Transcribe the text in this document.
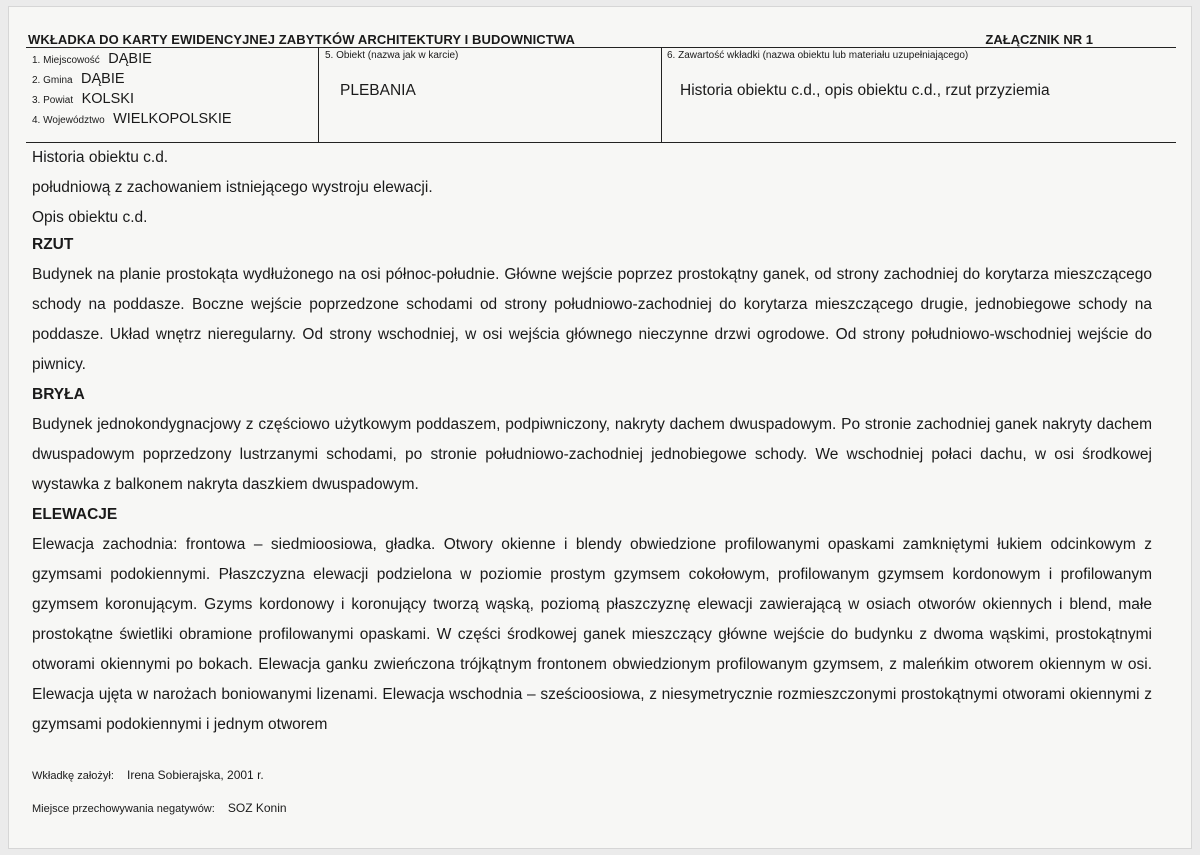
WKŁADKA DO KARTY EWIDENCYJNEJ ZABYTKÓW ARCHITEKTURY I BUDOWNICTWA	ZAŁĄCZNIK NR 1
1. Miejscowość DĄBIE
2. Gmina DĄBIE
3. Powiat KOLSKI
4. Województwo WIELKOPOLSKIE
5. Obiekt (nazwa jak w karcie)
PLEBANIA
6. Zawartość wkładki (nazwa obiektu lub materiału uzupełniającego)
Historia obiektu c.d., opis obiektu c.d., rzut przyziemia
Historia obiektu c.d.
południową z zachowaniem istniejącego wystroju elewacji.
Opis obiektu c.d.
RZUT

Budynek na planie prostokąta wydłużonego na osi północ-południe. Główne wejście poprzez prostokątny ganek, od strony zachodniej do korytarza mieszczącego schody na poddasze. Boczne wejście poprzedzone schodami od strony południowo-zachodniej do korytarza mieszczącego drugie, jednobiegowe schody na poddasze. Układ wnętrz nieregularny. Od strony wschodniej, w osi wejścia głównego nieczynne drzwi ogrodowe. Od strony południowo-wschodniej wejście do piwnicy.

BRYŁA

Budynek jednokondygnacjowy z częściowo użytkowym poddaszem, podpiwniczony, nakryty dachem dwuspadowym. Po stronie zachodniej ganek nakryty dachem dwuspadowym poprzedzony lustrzanymi schodami, po stronie południowo-zachodniej jednobiegowe schody. We wschodniej połaci dachu, w osi środkowej wystawka z balkonem nakryta daszkiem dwuspadowym.

ELEWACJE

Elewacja zachodnia: frontowa – siedmioosiowa, gładka. Otwory okienne i blendy obwiedzione profilowanymi opaskami zamkniętymi łukiem odcinkowym z gzymsami podokiennymi. Płaszczyzna elewacji podzielona w poziomie prostym gzymsem cokołowym, profilowanym gzymsem kordonowym i profilowanym gzymsem koronującym. Gzyms kordonowy i koronujący tworzą wąską, poziomą płaszczyznę elewacji zawierającą w osiach otworów okiennych i blend, małe prostokątne świetliki obramione profilowanymi opaskami. W części środkowej ganek mieszczący główne wejście do budynku z dwoma wąskimi, prostokątnymi otworami okiennymi po bokach. Elewacja ganku zwieńczona trójkątnym frontonem obwiedzionym profilowanym gzymsem, z maleńkim otworem okiennym w osi. Elewacja ujęta w narożach boniowanymi lizenami. Elewacja wschodnia – sześcioosiowa, z niesymetrycznie rozmieszczonymi prostokątnymi otworami okiennymi z gzymsami podokiennymi i jednym otworem

Wkładkę założył: Irena Sobierajska, 2001 r.
Miejsce przechowywania negatywów: SOZ Konin
